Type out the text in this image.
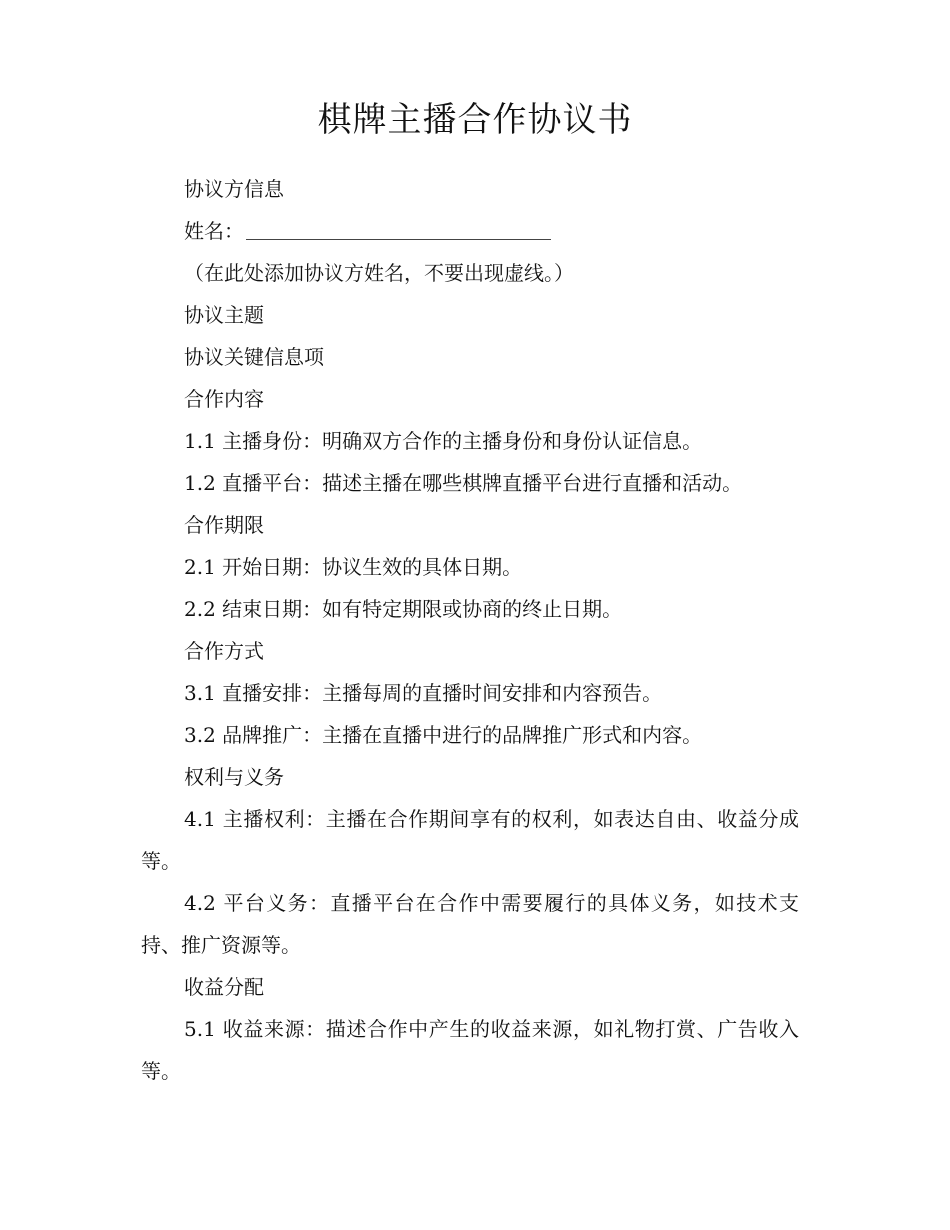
棋牌主播合作协议书

协议方信息

姓名：

（在此处添加协议方姓名，不要出现虚线。）

协议主题

协议关键信息项

合作内容

1.1 主播身份：明确双方合作的主播身份和身份认证信息。

1.2 直播平台：描述主播在哪些棋牌直播平台进行直播和活动。

合作期限

2.1 开始日期：协议生效的具体日期。

2.2 结束日期：如有特定期限或协商的终止日期。

合作方式

3.1 直播安排：主播每周的直播时间安排和内容预告。

3.2 品牌推广：主播在直播中进行的品牌推广形式和内容。

权利与义务

4.1 主播权利：主播在合作期间享有的权利，如表达自由、收益分成等。

4.2 平台义务：直播平台在合作中需要履行的具体义务，如技术支持、推广资源等。

收益分配

5.1 收益来源：描述合作中产生的收益来源，如礼物打赏、广告收入等。
